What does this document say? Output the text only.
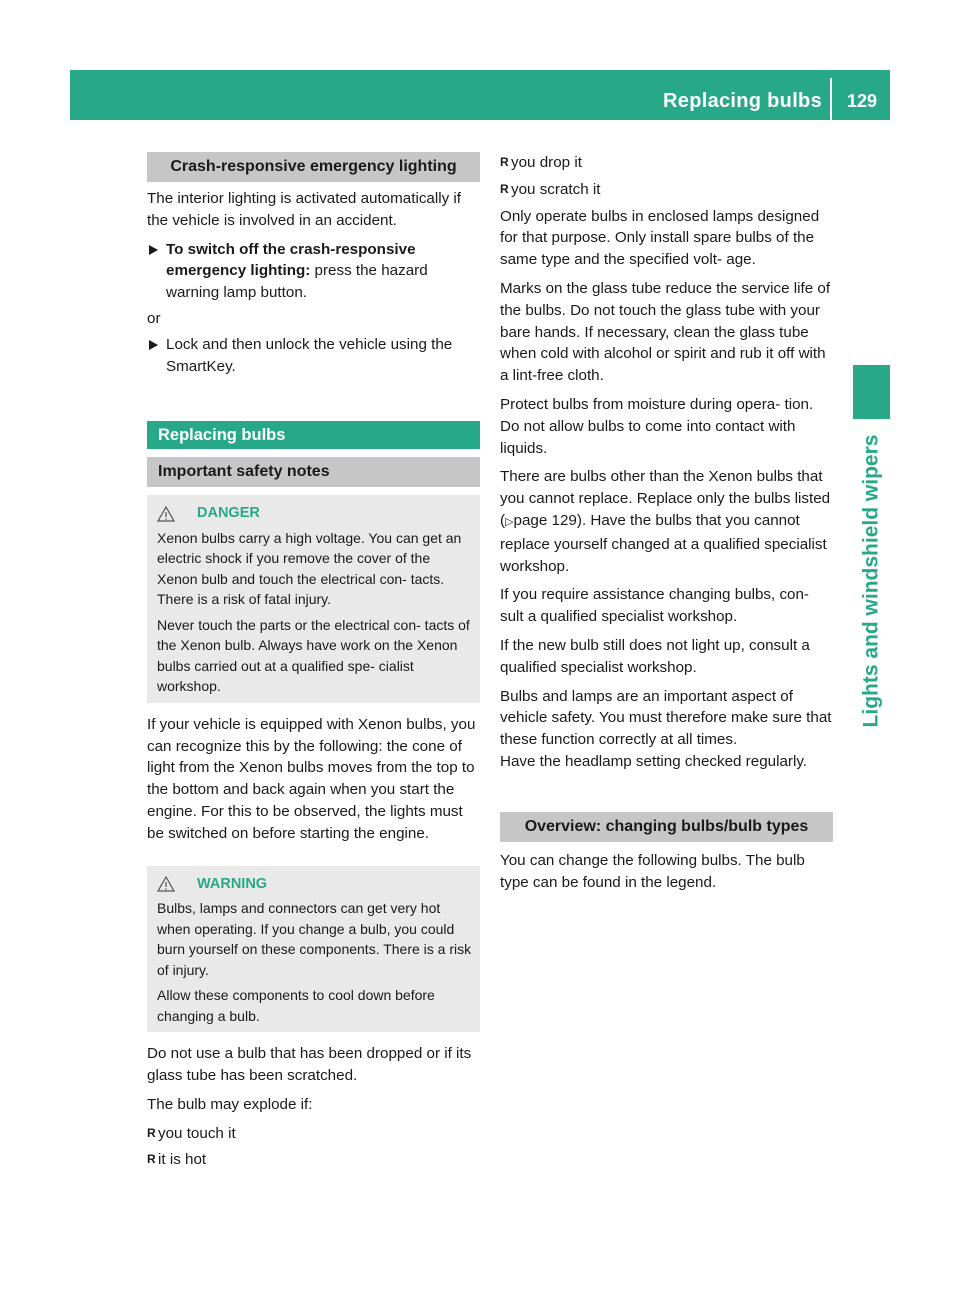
Replacing bulbs	129
Lights and windshield wipers
Crash-responsive emergency lighting

The interior lighting is activated automatically if the vehicle is involved in an accident.

To switch off the crash-responsive emergency lighting: press the hazard warning lamp button.

or

Lock and then unlock the vehicle using the SmartKey.
Replacing bulbs
Important safety notes
DANGER

Xenon bulbs carry a high voltage. You can get an electric shock if you remove the cover of the Xenon bulb and touch the electrical con- tacts. There is a risk of fatal injury.

Never touch the parts or the electrical con- tacts of the Xenon bulb. Always have work on the Xenon bulbs carried out at a qualified spe- cialist workshop.

If your vehicle is equipped with Xenon bulbs, you can recognize this by the following: the cone of light from the Xenon bulbs moves from the top to the bottom and back again when you start the engine. For this to be observed, the lights must be switched on before starting the engine.

WARNING

Bulbs, lamps and connectors can get very hot when operating. If you change a bulb, you could burn yourself on these components. There is a risk of injury.

Allow these components to cool down before changing a bulb.

Do not use a bulb that has been dropped or if its glass tube has been scratched.

The bulb may explode if:

R you touch it
R it is hot
R you drop it
R you scratch it

Only operate bulbs in enclosed lamps designed for that purpose. Only install spare bulbs of the same type and the specified volt- age.

Marks on the glass tube reduce the service life of the bulbs. Do not touch the glass tube with your bare hands. If necessary, clean the glass tube when cold with alcohol or spirit and rub it off with a lint-free cloth.

Protect bulbs from moisture during opera- tion. Do not allow bulbs to come into contact with liquids.

There are bulbs other than the Xenon bulbs that you cannot replace. Replace only the bulbs listed (▷page 129). Have the bulbs that you cannot replace yourself changed at a qualified specialist workshop.

If you require assistance changing bulbs, con- sult a qualified specialist workshop.

If the new bulb still does not light up, consult a qualified specialist workshop.

Bulbs and lamps are an important aspect of vehicle safety. You must therefore make sure that these function correctly at all times.

Have the headlamp setting checked regularly.

Overview: changing bulbs/bulb types

You can change the following bulbs. The bulb type can be found in the legend.
